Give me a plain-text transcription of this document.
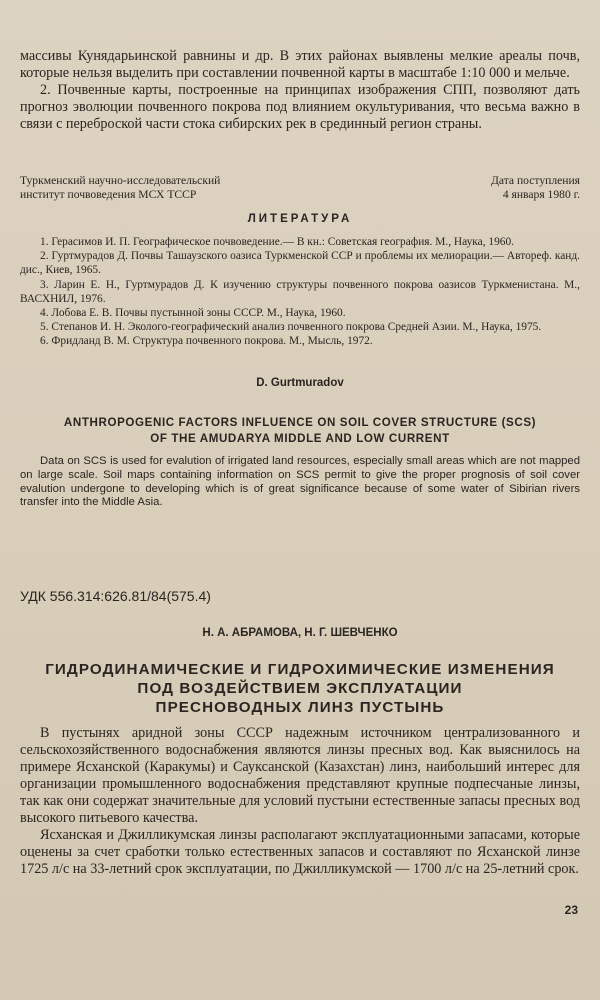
массивы Кунядарьинской равнины и др. В этих районах выявлены мелкие ареалы почв, которые нельзя выделить при составлении почвенной карты в масштабе 1:10 000 и мельче.

2. Почвенные карты, построенные на принципах изображения СПП, позволяют дать прогноз эволюции почвенного покрова под влиянием окультуривания, что весьма важно в связи с переброской части стока сибирских рек в срединный регион страны.

Туркменский научно-исследовательский
институт почвоведения МСХ ТССР
Дата поступления
4 января 1980 г.
ЛИТЕРАТУРА

1. Герасимов И. П. Географическое почвоведение.— В кн.: Советская география. М., Наука, 1960.

2. Гуртмурадов Д. Почвы Ташаузского оазиса Туркменской ССР и проблемы их мелиорации.— Автореф. канд. дис., Киев, 1965.

3. Ларин Е. Н., Гуртмурадов Д. К изучению структуры почвенного покрова оазисов Туркменистана. М., ВАСХНИЛ, 1976.

4. Лобова Е. В. Почвы пустынной зоны СССР. М., Наука, 1960.

5. Степанов И. Н. Эколого-географический анализ почвенного покрова Средней Азии. М., Наука, 1975.

6. Фридланд В. М. Структура почвенного покрова. М., Мысль, 1972.

D. Gurtmuradov
ANTHROPOGENIC FACTORS INFLUENCE ON SOIL COVER STRUCTURE (SCS)
OF THE AMUDARYA MIDDLE AND LOW CURRENT
Data on SCS is used for evalution of irrigated land resources, especially small areas which are not mapped on large scale. Soil maps containing information on SCS permit to give the proper prognosis of soil cover evalution undergone to developing which is of great significance because of some water of Sibirian rivers transfer into the Middle Asia.
УДК 556.314:626.81/84(575.4)
Н. А. АБРАМОВА, Н. Г. ШЕВЧЕНКО
ГИДРОДИНАМИЧЕСКИЕ И ГИДРОХИМИЧЕСКИЕ ИЗМЕНЕНИЯ
ПОД ВОЗДЕЙСТВИЕМ ЭКСПЛУАТАЦИИ
ПРЕСНОВОДНЫХ ЛИНЗ ПУСТЫНЬ

В пустынях аридной зоны СССР надежным источником централизованного и сельскохозяйственного водоснабжения являются линзы пресных вод. Как выяснилось на примере Ясханской (Каракумы) и Сауксанской (Казахстан) линз, наибольший интерес для организации промышленного водоснабжения представляют крупные подпесчаные линзы, так как они содержат значительные для условий пустыни естественные запасы пресных вод высокого питьевого качества.

Ясханская и Джилликумская линзы располагают эксплуатационными запасами, которые оценены за счет сработки только естественных запасов и составляют по Ясханской линзе 1725 л/с на 33-летний срок эксплуатации, по Джилликумской — 1700 л/с на 25-летний срок.

23
